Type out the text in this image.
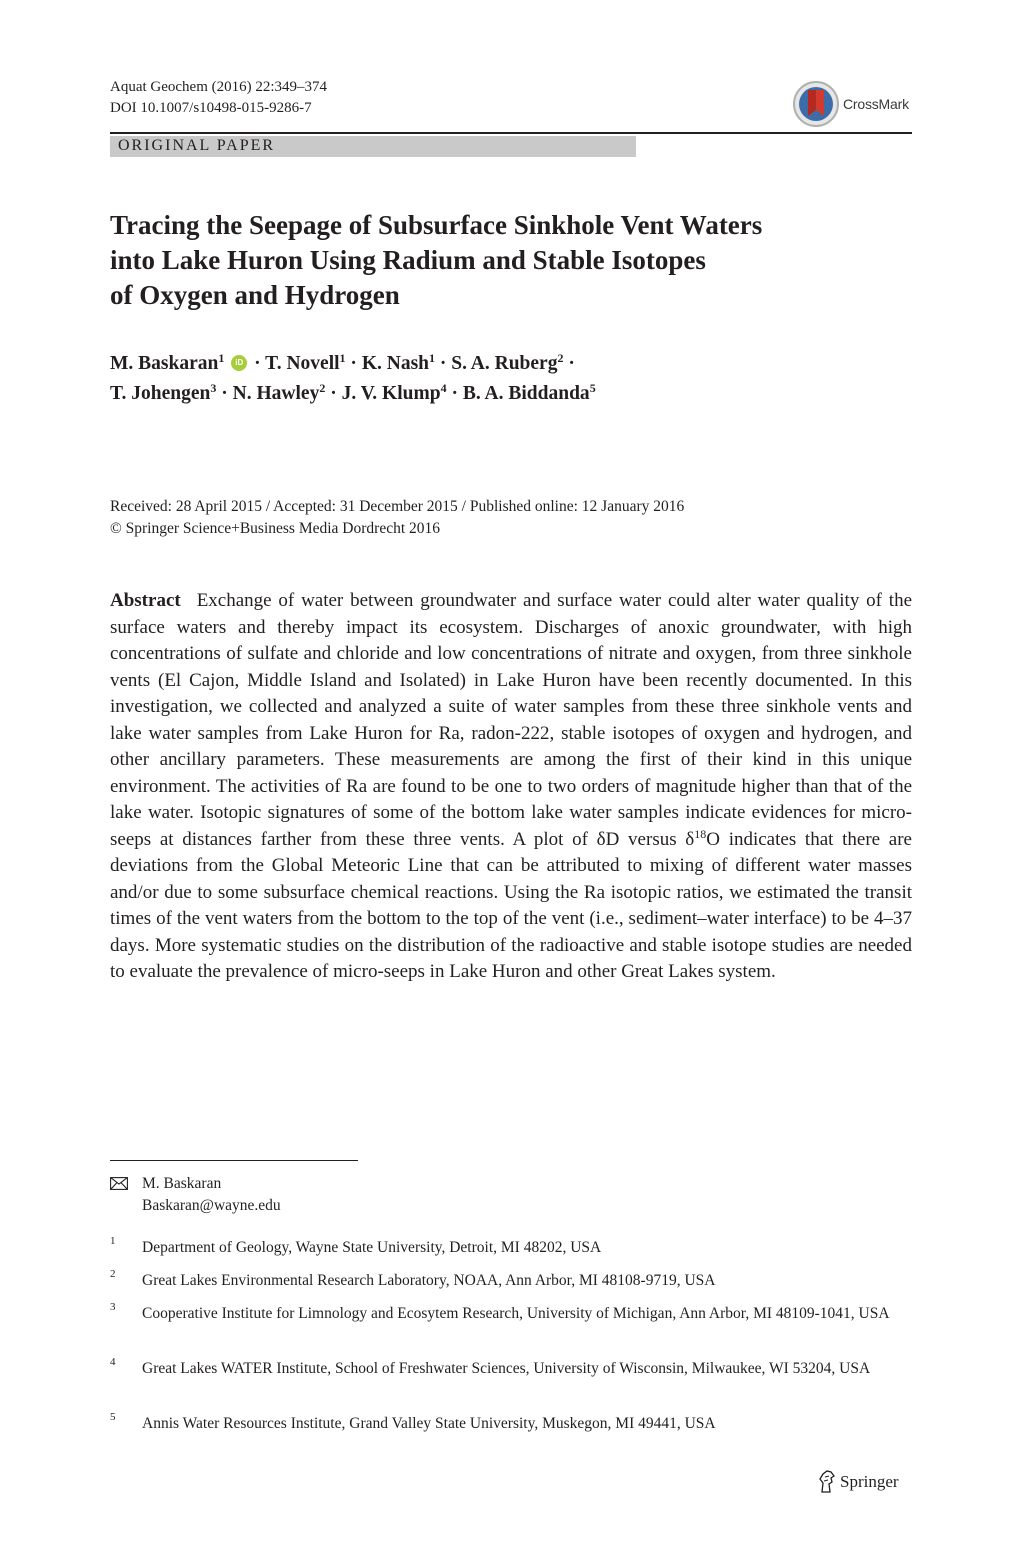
Aquat Geochem (2016) 22:349–374
DOI 10.1007/s10498-015-9286-7	CrossMark
ORIGINAL PAPER
Tracing the Seepage of Subsurface Sinkhole Vent Waters
into Lake Huron Using Radium and Stable Isotopes
of Oxygen and Hydrogen
M. Baskaran$^1$ iD · T. Novell$^1$ · K. Nash$^1$ · S. A. Ruberg$^2$ ·
T. Johengen$^3$ · N. Hawley$^2$ · J. V. Klump$^4$ · B. A. Biddanda$^5$
Received: 28 April 2015 / Accepted: 31 December 2015 / Published online: 12 January 2016
© Springer Science+Business Media Dordrecht 2016
Abstract Exchange of water between groundwater and surface water could alter water quality of the surface waters and thereby impact its ecosystem. Discharges of anoxic groundwater, with high concentrations of sulfate and chloride and low concentrations of nitrate and oxygen, from three sinkhole vents (El Cajon, Middle Island and Isolated) in Lake Huron have been recently documented. In this investigation, we collected and analyzed a suite of water samples from these three sinkhole vents and lake water samples from Lake Huron for Ra, radon-222, stable isotopes of oxygen and hydrogen, and other ancillary parameters. These measurements are among the first of their kind in this unique environment. The activities of Ra are found to be one to two orders of magnitude higher than that of the lake water. Isotopic signatures of some of the bottom lake water samples indicate evidences for micro-seeps at distances farther from these three vents. A plot of δD versus $\delta^{18}O$ indicates that there are deviations from the Global Meteoric Line that can be attributed to mixing of different water masses and/or due to some subsurface chemical reactions. Using the Ra isotopic ratios, we estimated the transit times of the vent waters from the bottom to the top of the vent (i.e., sediment–water interface) to be 4–37 days. More systematic studies on the distribution of the radioactive and stable isotope studies are needed to evaluate the prevalence of micro-seeps in Lake Huron and other Great Lakes system.
M. Baskaran
Baskaran@wayne.edu
1 Department of Geology, Wayne State University, Detroit, MI 48202, USA
2 Great Lakes Environmental Research Laboratory, NOAA, Ann Arbor, MI 48108-9719, USA
3 Cooperative Institute for Limnology and Ecosytem Research, University of Michigan, Ann Arbor, MI 48109-1041, USA
4 Great Lakes WATER Institute, School of Freshwater Sciences, University of Wisconsin, Milwaukee, WI 53204, USA
5 Annis Water Resources Institute, Grand Valley State University, Muskegon, MI 49441, USA
Springer
